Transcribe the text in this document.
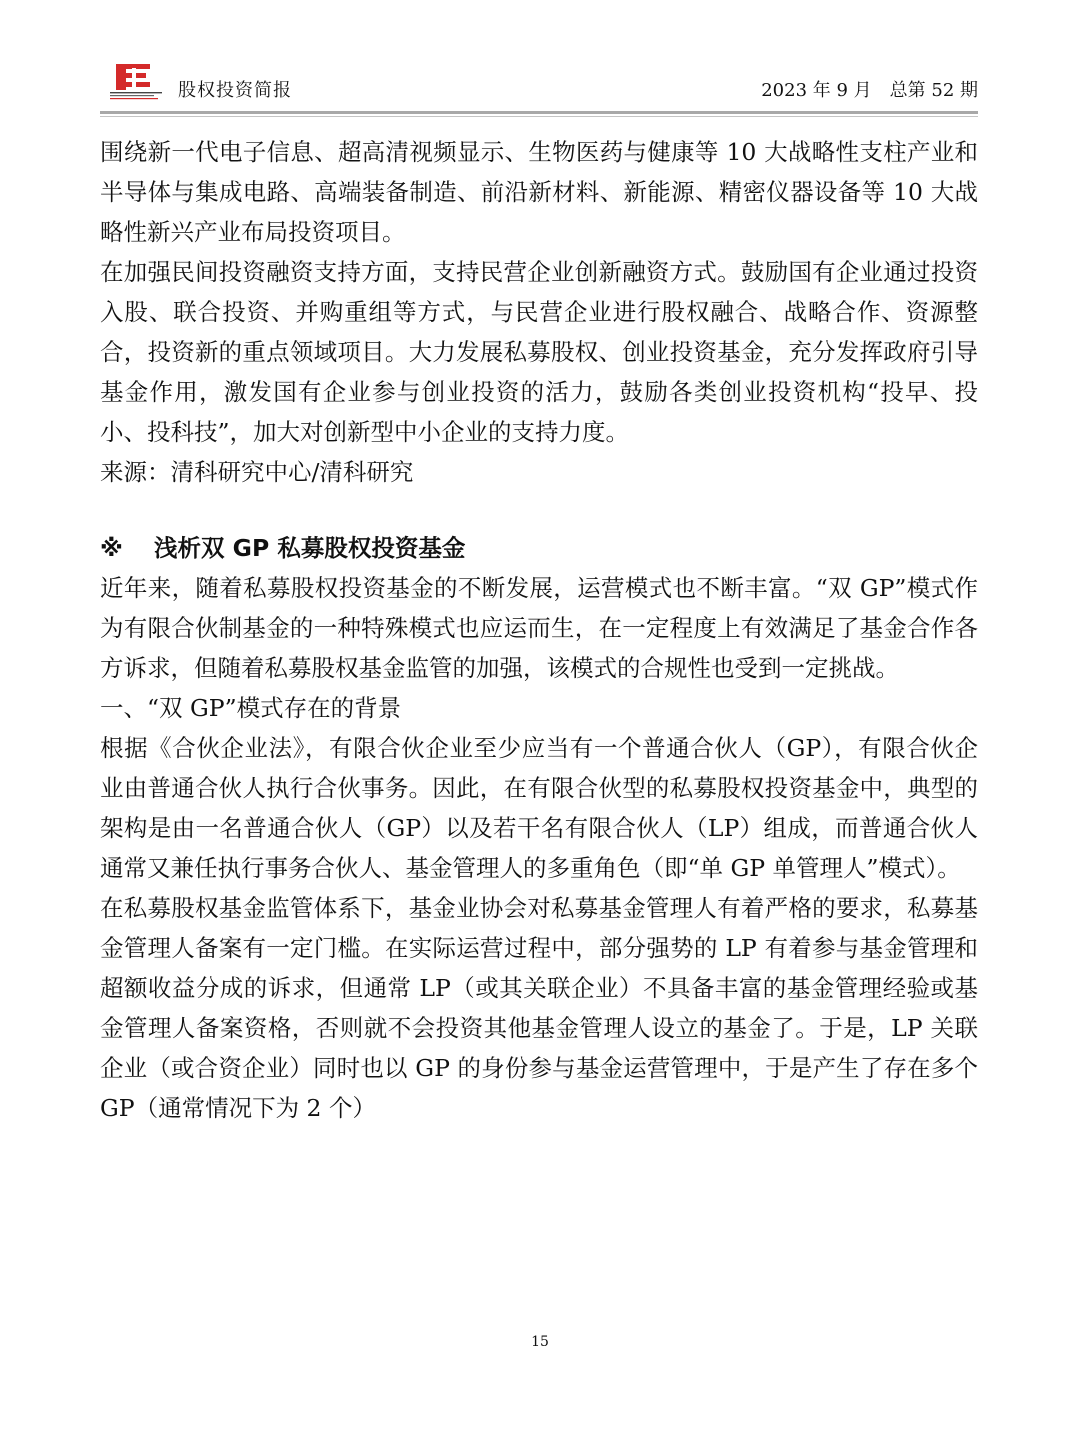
股权投资简报	2023 年 9 月　总第 52 期

围绕新一代电子信息、超高清视频显示、生物医药与健康等 10 大战略性支柱产业和半导体与集成电路、高端装备制造、前沿新材料、新能源、精密仪器设备等 10 大战略性新兴产业布局投资项目。

在加强民间投资融资支持方面，支持民营企业创新融资方式。鼓励国有企业通过投资入股、联合投资、并购重组等方式，与民营企业进行股权融合、战略合作、资源整合，投资新的重点领域项目。大力发展私募股权、创业投资基金，充分发挥政府引导基金作用，激发国有企业参与创业投资的活力，鼓励各类创业投资机构“投早、投小、投科技”，加大对创新型中小企业的支持力度。

来源：清科研究中心/清科研究

※ 浅析双 GP 私募股权投资基金

近年来，随着私募股权投资基金的不断发展，运营模式也不断丰富。“双 GP”模式作为有限合伙制基金的一种特殊模式也应运而生，在一定程度上有效满足了基金合作各方诉求，但随着私募股权基金监管的加强，该模式的合规性也受到一定挑战。

一、“双 GP”模式存在的背景

根据《合伙企业法》，有限合伙企业至少应当有一个普通合伙人（GP），有限合伙企业由普通合伙人执行合伙事务。因此，在有限合伙型的私募股权投资基金中，典型的架构是由一名普通合伙人（GP）以及若干名有限合伙人（LP）组成，而普通合伙人通常又兼任执行事务合伙人、基金管理人的多重角色（即“单 GP 单管理人”模式）。

在私募股权基金监管体系下，基金业协会对私募基金管理人有着严格的要求，私募基金管理人备案有一定门槛。在实际运营过程中，部分强势的 LP 有着参与基金管理和超额收益分成的诉求，但通常 LP（或其关联企业）不具备丰富的基金管理经验或基金管理人备案资格，否则就不会投资其他基金管理人设立的基金了。于是，LP 关联企业（或合资企业）同时也以 GP 的身份参与基金运营管理中，于是产生了存在多个 GP（通常情况下为 2 个）

15
